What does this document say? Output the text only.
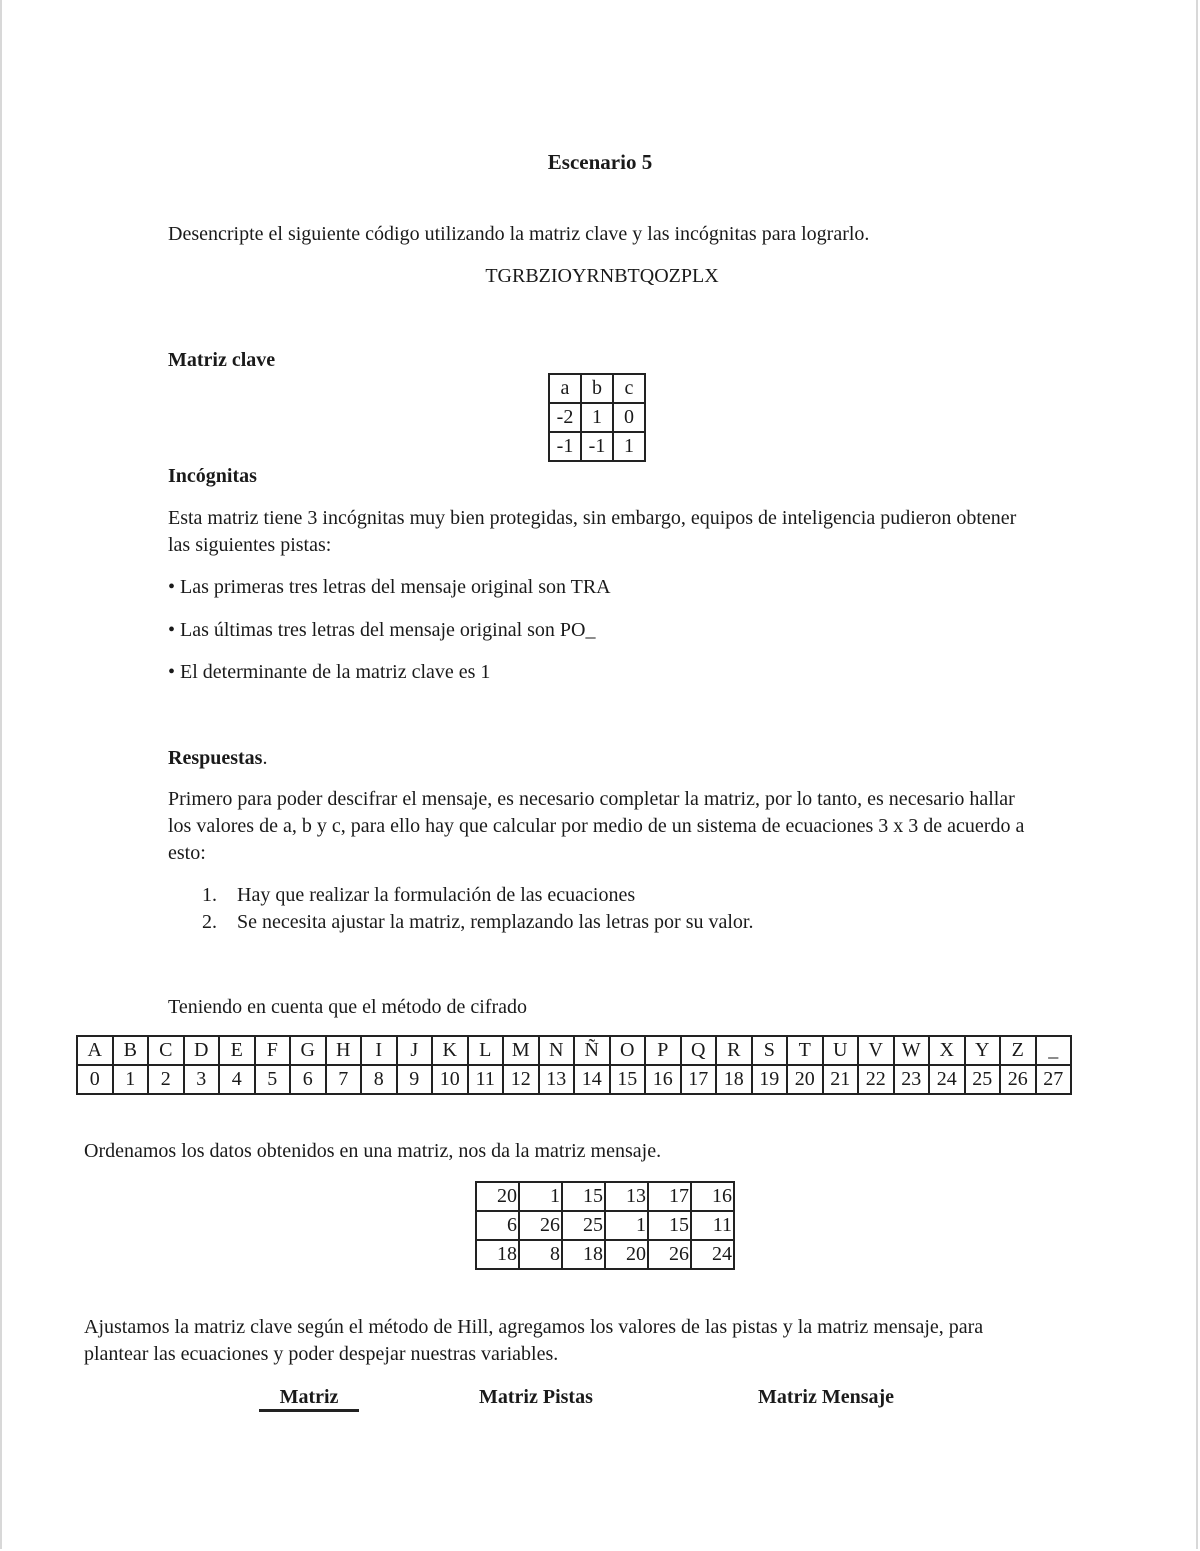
Escenario 5
Desencripte el siguiente código utilizando la matriz clave y las incógnitas para lograrlo.
TGRBZIOYRNBTQOZPLX
Matriz clave
a	b	c
-2	1	0
-1	-1	1
Incógnitas
Esta matriz tiene 3 incógnitas muy bien protegidas, sin embargo, equipos de inteligencia pudieron obtener las siguientes pistas:
• Las primeras tres letras del mensaje original son TRA
• Las últimas tres letras del mensaje original son PO_
• El determinante de la matriz clave es 1
Respuestas.
Primero para poder descifrar el mensaje, es necesario completar la matriz, por lo tanto, es necesario hallar los valores de a, b y c, para ello hay que calcular por medio de un sistema de ecuaciones 3 x 3 de acuerdo a esto:
1. Hay que realizar la formulación de las ecuaciones
2. Se necesita ajustar la matriz, remplazando las letras por su valor.
Teniendo en cuenta que el método de cifrado
A	B	C	D	E	F	G	H	I	J	K	L	M	N	Ñ	O	P	Q	R	S	T	U	V	W	X	Y	Z	_
0	1	2	3	4	5	6	7	8	9	10	11	12	13	14	15	16	17	18	19	20	21	22	23	24	25	26	27
Ordenamos los datos obtenidos en una matriz, nos da la matriz mensaje.
20	1	15	13	17	16
6	26	25	1	15	11
18	8	18	20	26	24
Ajustamos la matriz clave según el método de Hill, agregamos los valores de las pistas y la matriz mensaje, para plantear las ecuaciones y poder despejar nuestras variables.
Matriz	Matriz Pistas	Matriz Mensaje
